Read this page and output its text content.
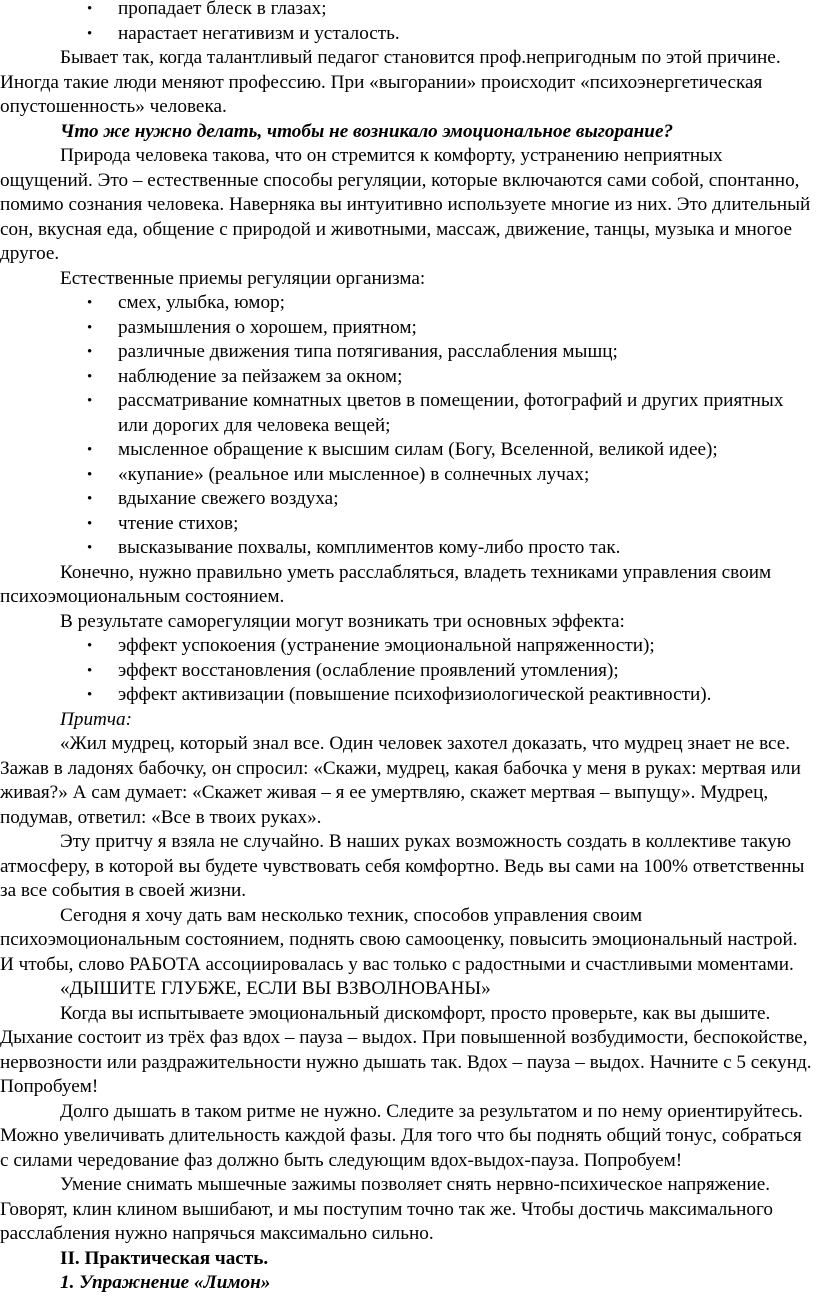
• пропадает блеск в глазах;
• нарастает негативизм и усталость.

Бывает так, когда талантливый педагог становится проф.непригодным по этой причине. Иногда такие люди меняют профессию. При «выгорании» происходит «психоэнергетическая опустошенность» человека.

Что же нужно делать, чтобы не возникало эмоциональное выгорание?

Природа человека такова, что он стремится к комфорту, устранению неприятных ощущений. Это – естественные способы регуляции, которые включаются сами собой, спонтанно, помимо сознания человека. Наверняка вы интуитивно используете многие из них. Это длительный сон, вкусная еда, общение с природой и животными, массаж, движение, танцы, музыка и многое другое.

Естественные приемы регуляции организма:

• смех, улыбка, юмор;
• размышления о хорошем, приятном;
• различные движения типа потягивания, расслабления мышц;
• наблюдение за пейзажем за окном;
• рассматривание комнатных цветов в помещении, фотографий и других приятных или дорогих для человека вещей;
• мысленное обращение к высшим силам (Богу, Вселенной, великой идее);
• «купание» (реальное или мысленное) в солнечных лучах;
• вдыхание свежего воздуха;
• чтение стихов;
• высказывание похвалы, комплиментов кому-либо просто так.

Конечно, нужно правильно уметь расслабляться, владеть техниками управления своим психоэмоциональным состоянием.

В результате саморегуляции могут возникать три основных эффекта:

• эффект успокоения (устранение эмоциональной напряженности);
• эффект восстановления (ослабление проявлений утомления);
• эффект активизации (повышение психофизиологической реактивности).

Притча:

«Жил мудрец, который знал все. Один человек захотел доказать, что мудрец знает не все. Зажав в ладонях бабочку, он спросил: «Скажи, мудрец, какая бабочка у меня в руках: мертвая или живая?» А сам думает: «Скажет живая – я ее умертвляю, скажет мертвая – выпущу». Мудрец, подумав, ответил: «Все в твоих руках».

Эту притчу я взяла не случайно. В наших руках возможность создать в коллективе такую атмосферу, в которой вы будете чувствовать себя комфортно. Ведь вы сами на 100% ответственны за все события в своей жизни.

Сегодня я хочу дать вам несколько техник, способов управления своим психоэмоциональным состоянием, поднять свою самооценку, повысить эмоциональный настрой. И чтобы, слово РАБОТА ассоциировалась у вас только с радостными и счастливыми моментами.

«ДЫШИТЕ ГЛУБЖЕ, ЕСЛИ ВЫ ВЗВОЛНОВАНЫ»

Когда вы испытываете эмоциональный дискомфорт, просто проверьте, как вы дышите. Дыхание состоит из трёх фаз вдох – пауза – выдох. При повышенной возбудимости, беспокойстве, нервозности или раздражительности нужно дышать так. Вдох – пауза – выдох. Начните с 5 секунд. Попробуем!

Долго дышать в таком ритме не нужно. Следите за результатом и по нему ориентируйтесь. Можно увеличивать длительность каждой фазы. Для того что бы поднять общий тонус, собраться с силами чередование фаз должно быть следующим вдох-выдох-пауза. Попробуем!

Умение снимать мышечные зажимы позволяет снять нервно-психическое напряжение. Говорят, клин клином вышибают, и мы поступим точно так же. Чтобы достичь максимального расслабления нужно напрячься максимально сильно.

II. Практическая часть.

1. Упражнение «Лимон»
